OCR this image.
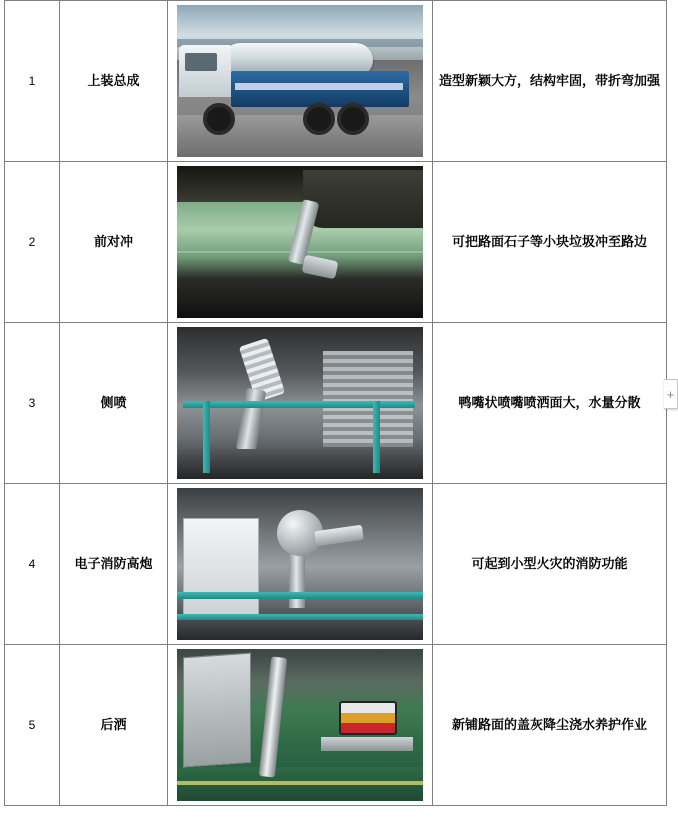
1	上装总成		造型新颖大方，结构牢固，带折弯加强
2	前对冲		可把路面石子等小块垃圾冲至路边
3	侧喷		鸭嘴状喷嘴喷洒面大，水量分散
4	电子消防高炮		可起到小型火灾的消防功能
5	后洒		新铺路面的盖灰降尘浇水养护作业
+
